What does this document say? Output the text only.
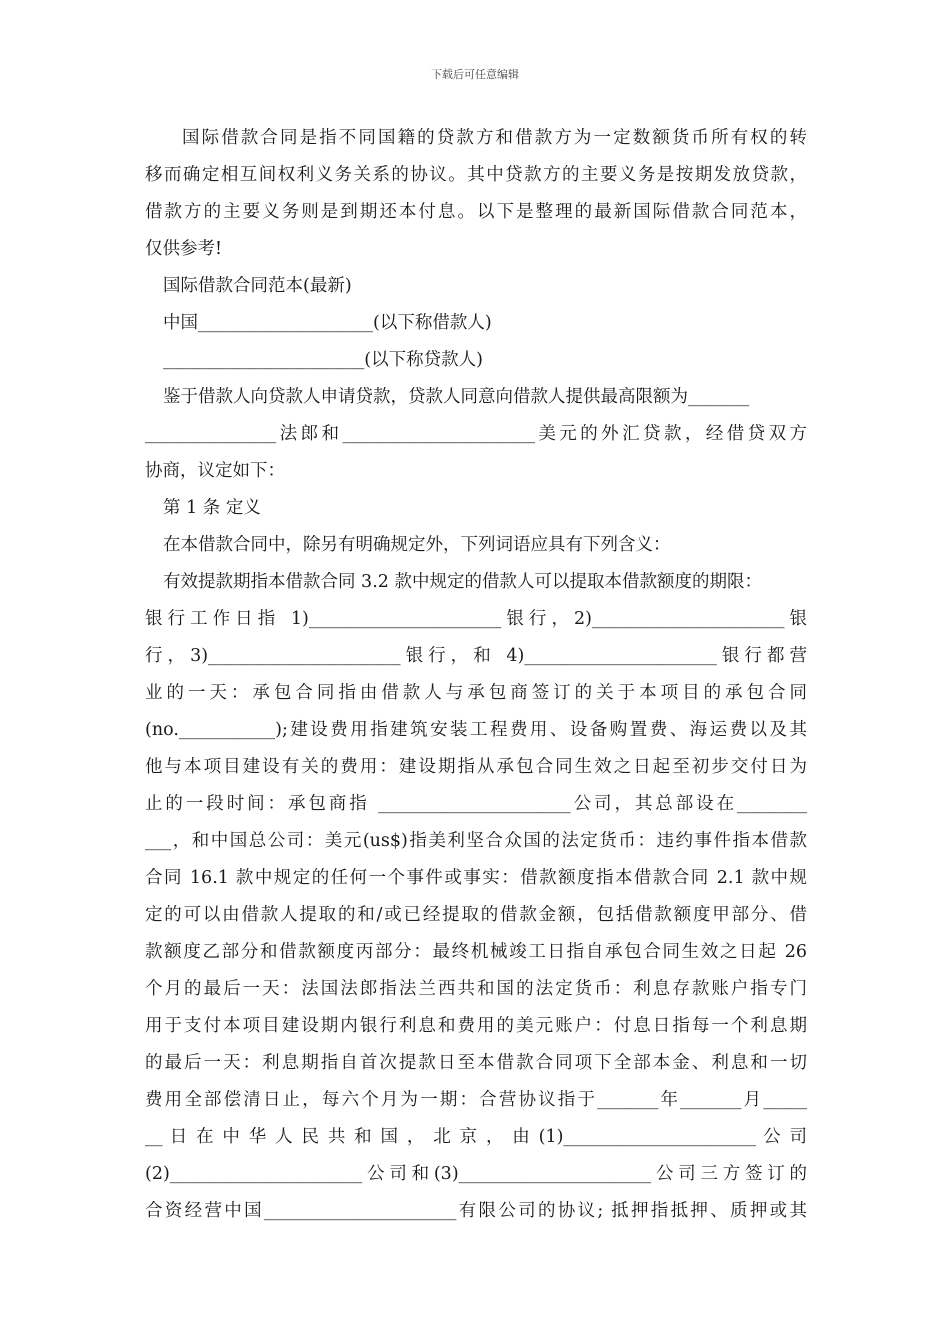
下载后可任意编辑
国际借款合同是指不同国籍的贷款方和借款方为一定数额货币所有权的转
移而确定相互间权利义务关系的协议。其中贷款方的主要义务是按期发放贷款，
借款方的主要义务则是到期还本付息。以下是整理的最新国际借款合同范本，
仅供参考!
国际借款合同范本(最新)
中国____________________(以下称借款人)
_______________________(以下称贷款人)
鉴于借款人向贷款人申请贷款，贷款人同意向借款人提供最高限额为_______
_______________法郎和______________________美元的外汇贷款，经借贷双方
协商，议定如下：
第 1 条 定义
在本借款合同中，除另有明确规定外，下列词语应具有下列含义：
有效提款期指本借款合同 3.2 款中规定的借款人可以提取本借款额度的期限：
银行工作日指 1)______________________银行，2)______________________银
行，3)______________________银行，和 4)______________________银行都营
业的一天：承包合同指由借款人与承包商签订的关于本项目的承包合同
(no.___________);建设费用指建筑安装工程费用、设备购置费、海运费以及其
他与本项目建设有关的费用：建设期指从承包合同生效之日起至初步交付日为
止的一段时间：承包商指 ______________________公司，其总部设在________
___，和中国总公司：美元(us$)指美利坚合众国的法定货币：违约事件指本借款
合同 16.1 款中规定的任何一个事件或事实：借款额度指本借款合同 2.1 款中规
定的可以由借款人提取的和/或已经提取的借款金额，包括借款额度甲部分、借
款额度乙部分和借款额度丙部分：最终机械竣工日指自承包合同生效之日起 26
个月的最后一天：法国法郎指法兰西共和国的法定货币：利息存款账户指专门
用于支付本项目建设期内银行利息和费用的美元账户：付息日指每一个利息期
的最后一天：利息期指自首次提款日至本借款合同项下全部本金、利息和一切
费用全部偿清日止，每六个月为一期：合营协议指于_______年_______月_____
__ 日 在 中 华 人 民 共 和 国 ， 北 京 ， 由 (1)______________________ 公 司
(2)______________________公司和(3)______________________公司三方签订的
合资经营中国______________________有限公司的协议; 抵押指抵押、质押或其
